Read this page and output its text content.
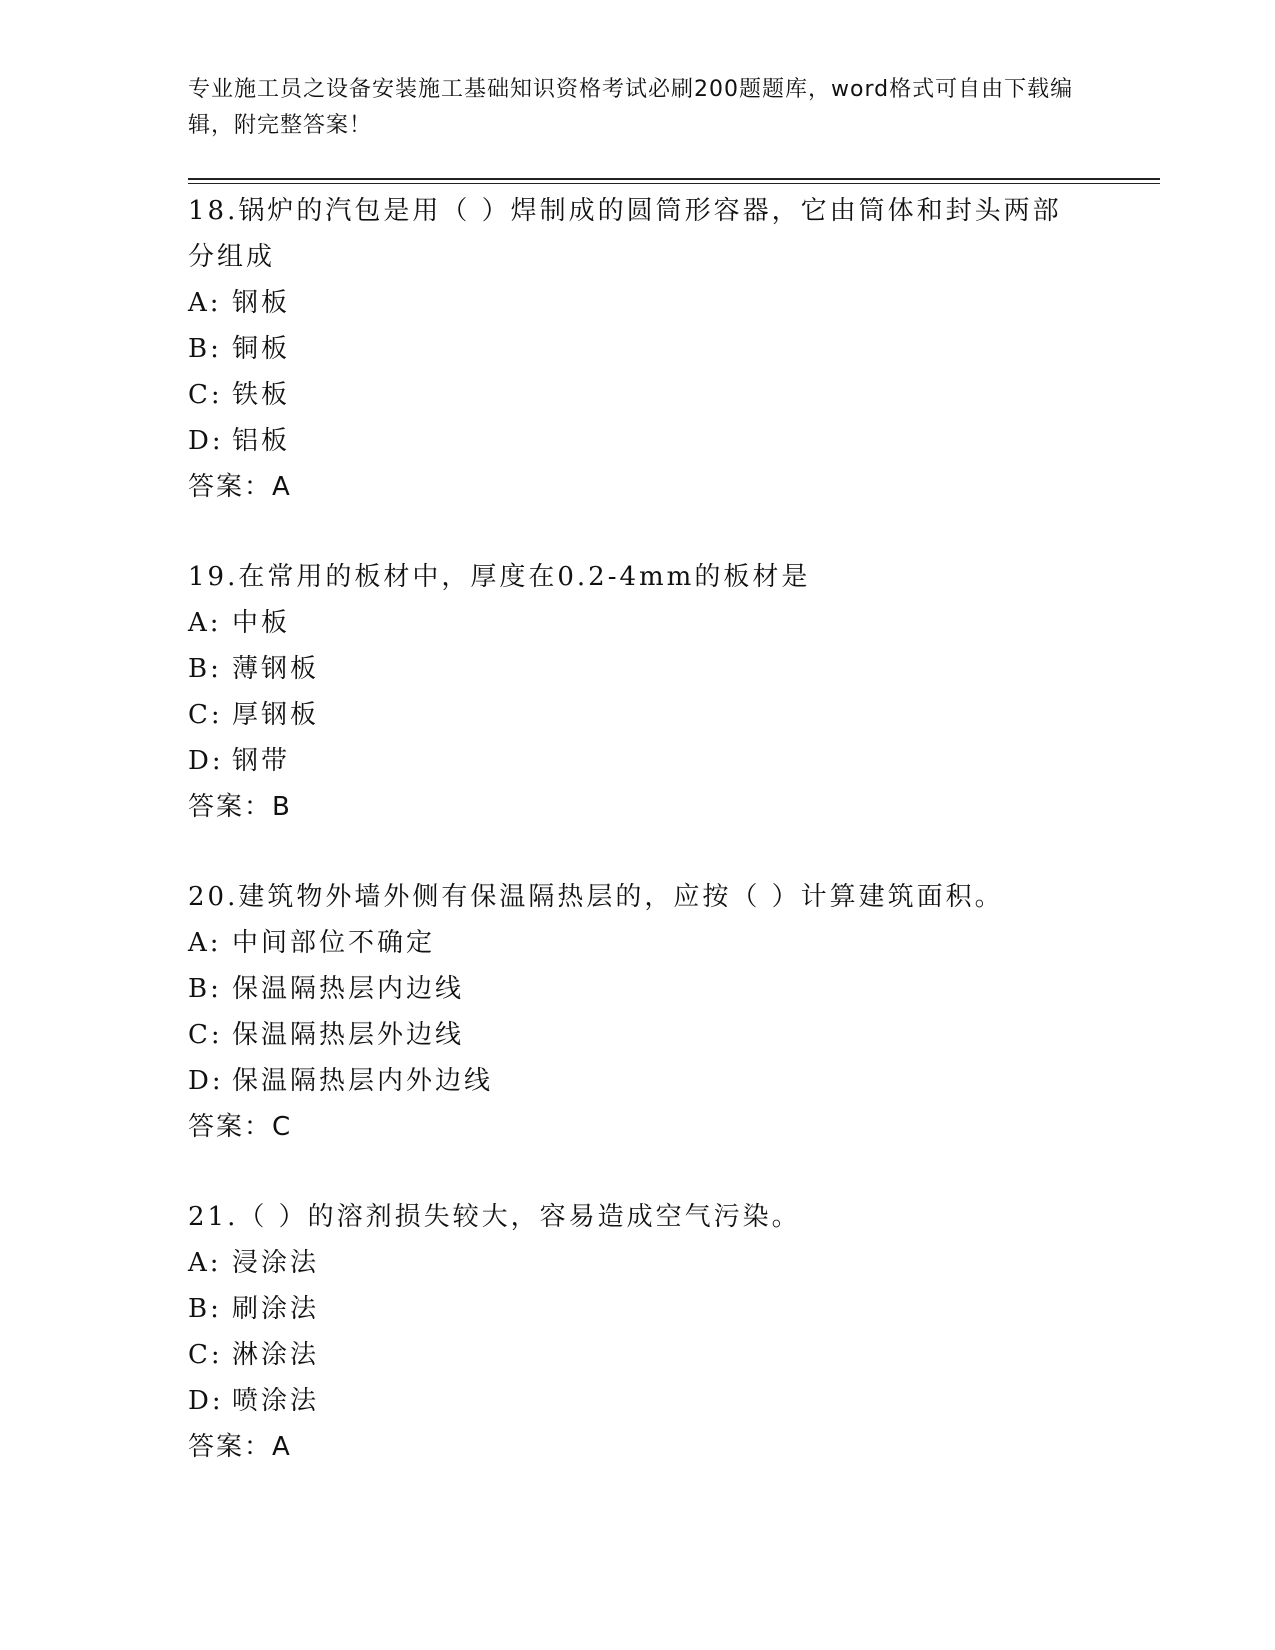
专业施工员之设备安装施工基础知识资格考试必刷200题题库，word格式可自由下载编辑，附完整答案！
18.锅炉的汽包是用（ ）焊制成的圆筒形容器，它由筒体和封头两部分组成
A: 钢板
B: 铜板
C: 铁板
D: 铝板
答案：A
19.在常用的板材中，厚度在0.2-4mm的板材是
A: 中板
B: 薄钢板
C: 厚钢板
D: 钢带
答案：B
20.建筑物外墙外侧有保温隔热层的，应按（ ）计算建筑面积。
A: 中间部位不确定
B: 保温隔热层内边线
C: 保温隔热层外边线
D: 保温隔热层内外边线
答案：C
21.（ ）的溶剂损失较大，容易造成空气污染。
A: 浸涂法
B: 刷涂法
C: 淋涂法
D: 喷涂法
答案：A
